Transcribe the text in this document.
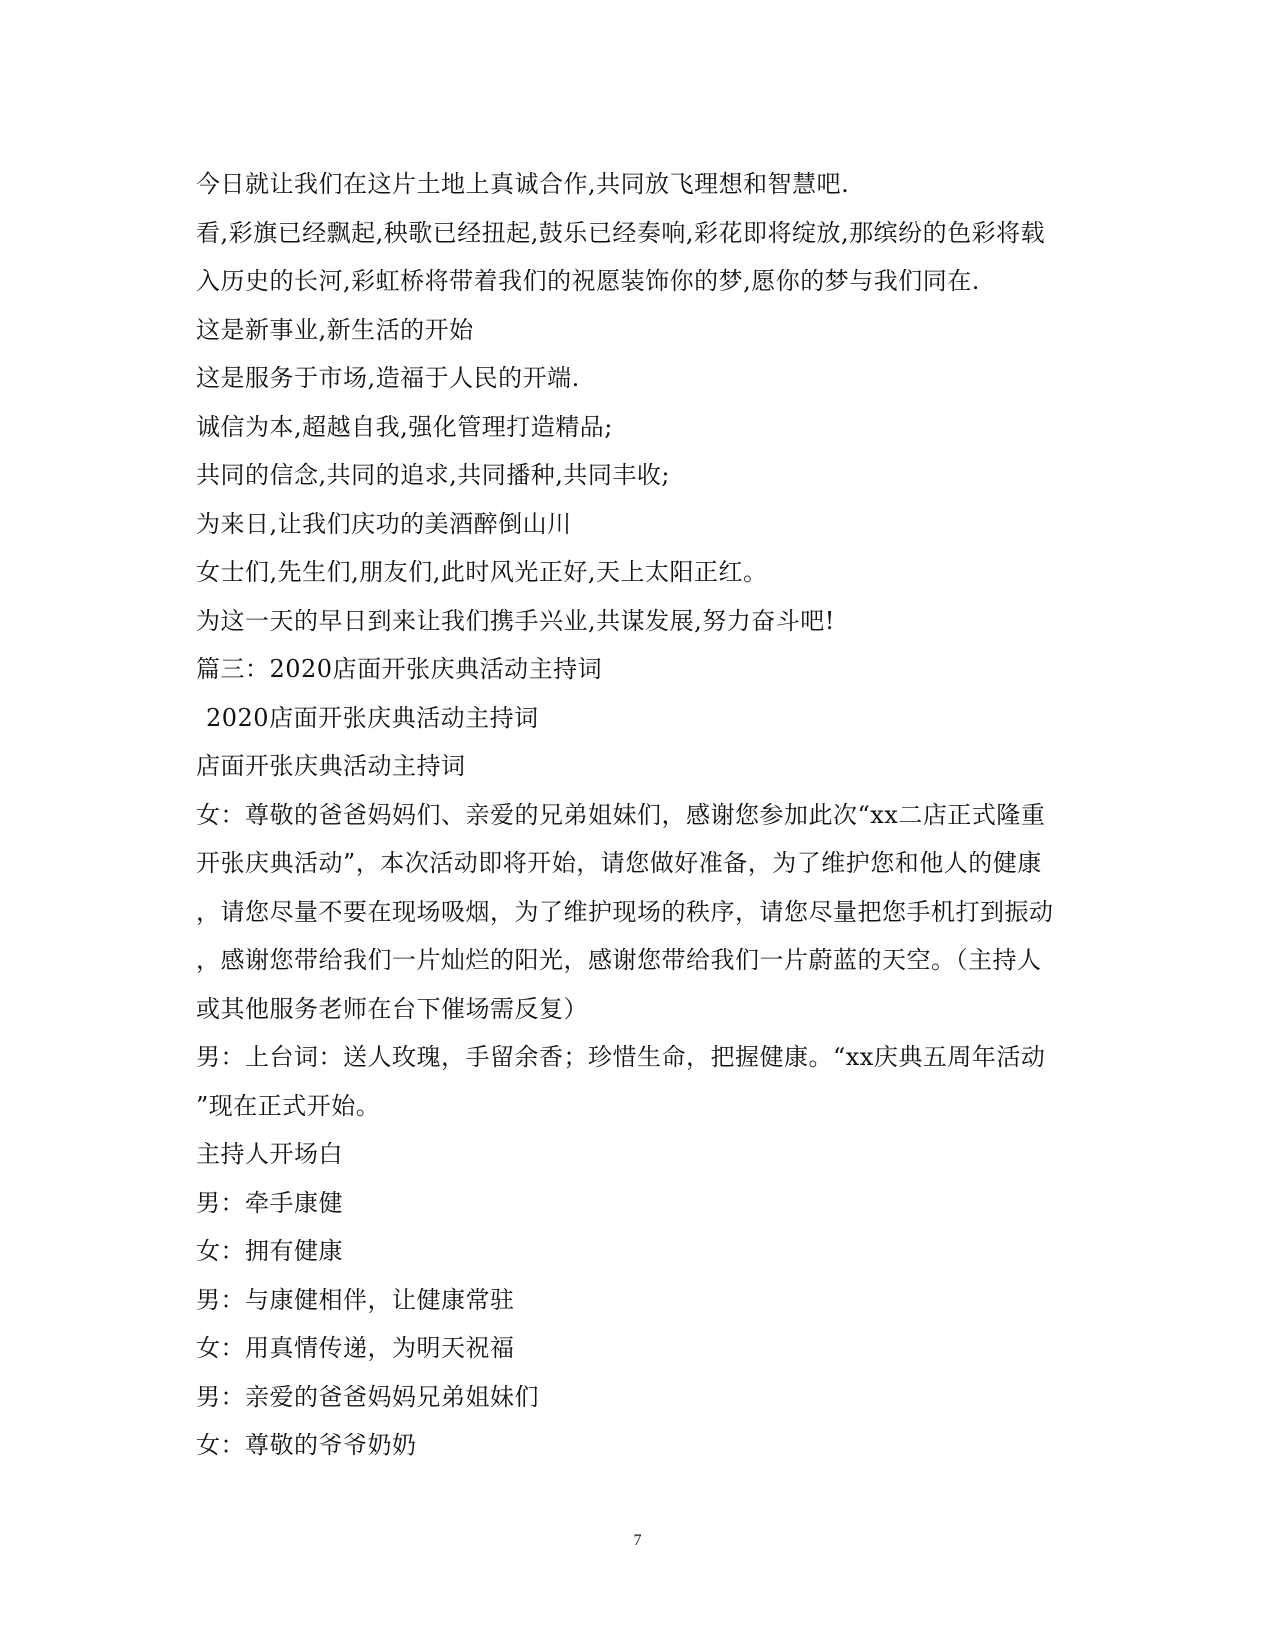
今日就让我们在这片土地上真诚合作,共同放飞理想和智慧吧.
看,彩旗已经飘起,秧歌已经扭起,鼓乐已经奏响,彩花即将绽放,那缤纷的色彩将载
入历史的长河,彩虹桥将带着我们的祝愿装饰你的梦,愿你的梦与我们同在.
这是新事业,新生活的开始
这是服务于市场,造福于人民的开端.
诚信为本,超越自我,强化管理打造精品;
共同的信念,共同的追求,共同播种,共同丰收;
为来日,让我们庆功的美酒醉倒山川
女士们,先生们,朋友们,此时风光正好,天上太阳正红。
为这一天的早日到来让我们携手兴业,共谋发展,努力奋斗吧!
篇三：2020店面开张庆典活动主持词
2020店面开张庆典活动主持词
店面开张庆典活动主持词
女：尊敬的爸爸妈妈们、亲爱的兄弟姐妹们，感谢您参加此次“xx二店正式隆重
开张庆典活动”，本次活动即将开始，请您做好准备，为了维护您和他人的健康
，请您尽量不要在现场吸烟，为了维护现场的秩序，请您尽量把您手机打到振动
，感谢您带给我们一片灿烂的阳光，感谢您带给我们一片蔚蓝的天空。（主持人
或其他服务老师在台下催场需反复）
男：上台词：送人玫瑰，手留余香；珍惜生命，把握健康。“xx庆典五周年活动
”现在正式开始。
主持人开场白
男：牵手康健
女：拥有健康
男：与康健相伴，让健康常驻
女：用真情传递，为明天祝福
男：亲爱的爸爸妈妈兄弟姐妹们
女：尊敬的爷爷奶奶
7
